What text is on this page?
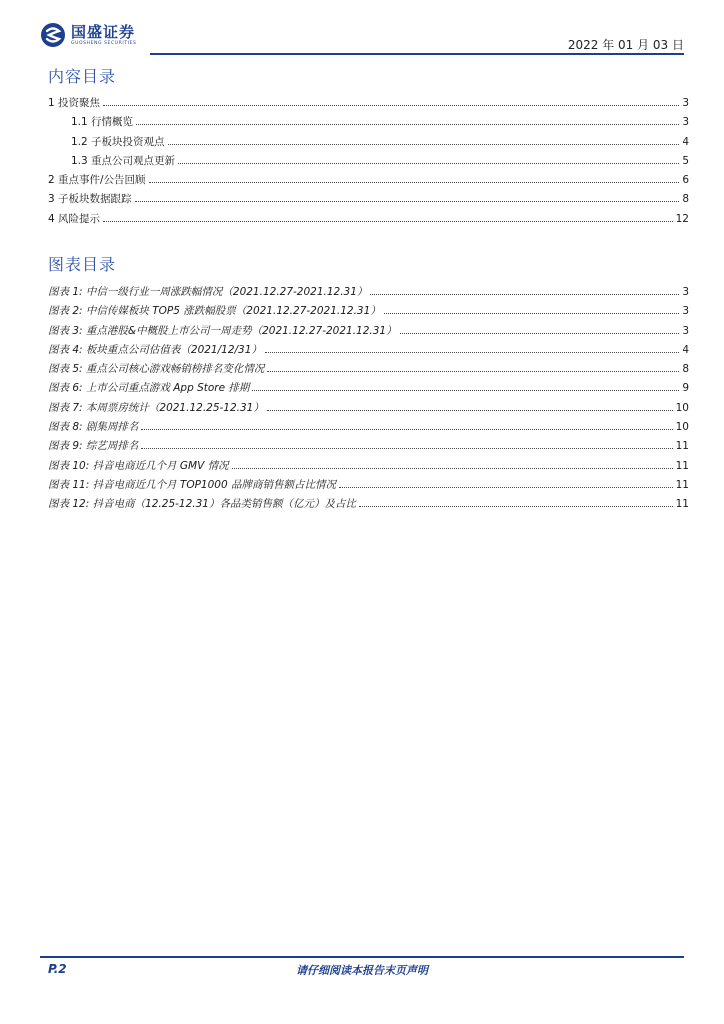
国盛证券
GUOSHENG SECURITIES	2022 年 01 月 03 日
内容目录
1 投资聚焦	3
1.1 行情概览	3
1.2 子板块投资观点	4
1.3 重点公司观点更新	5
2 重点事件/公告回顾	6
3 子板块数据跟踪	8
4 风险提示	12
图表目录
图表 1: 中信一级行业一周涨跌幅情况（2021.12.27-2021.12.31）	3
图表 2: 中信传媒板块 TOP5 涨跌幅股票（2021.12.27-2021.12.31）	3
图表 3: 重点港股&中概股上市公司一周走势（2021.12.27-2021.12.31）	3
图表 4: 板块重点公司估值表（2021/12/31）	4
图表 5: 重点公司核心游戏畅销榜排名变化情况	8
图表 6: 上市公司重点游戏 App Store 排期	9
图表 7: 本周票房统计（2021.12.25-12.31）	10
图表 8: 剧集周排名	10
图表 9: 综艺周排名	11
图表 10: 抖音电商近几个月 GMV 情况	11
图表 11: 抖音电商近几个月 TOP1000 品牌商销售额占比情况	11
图表 12: 抖音电商（12.25-12.31）各品类销售额（亿元）及占比	11
P.2	请仔细阅读本报告末页声明
